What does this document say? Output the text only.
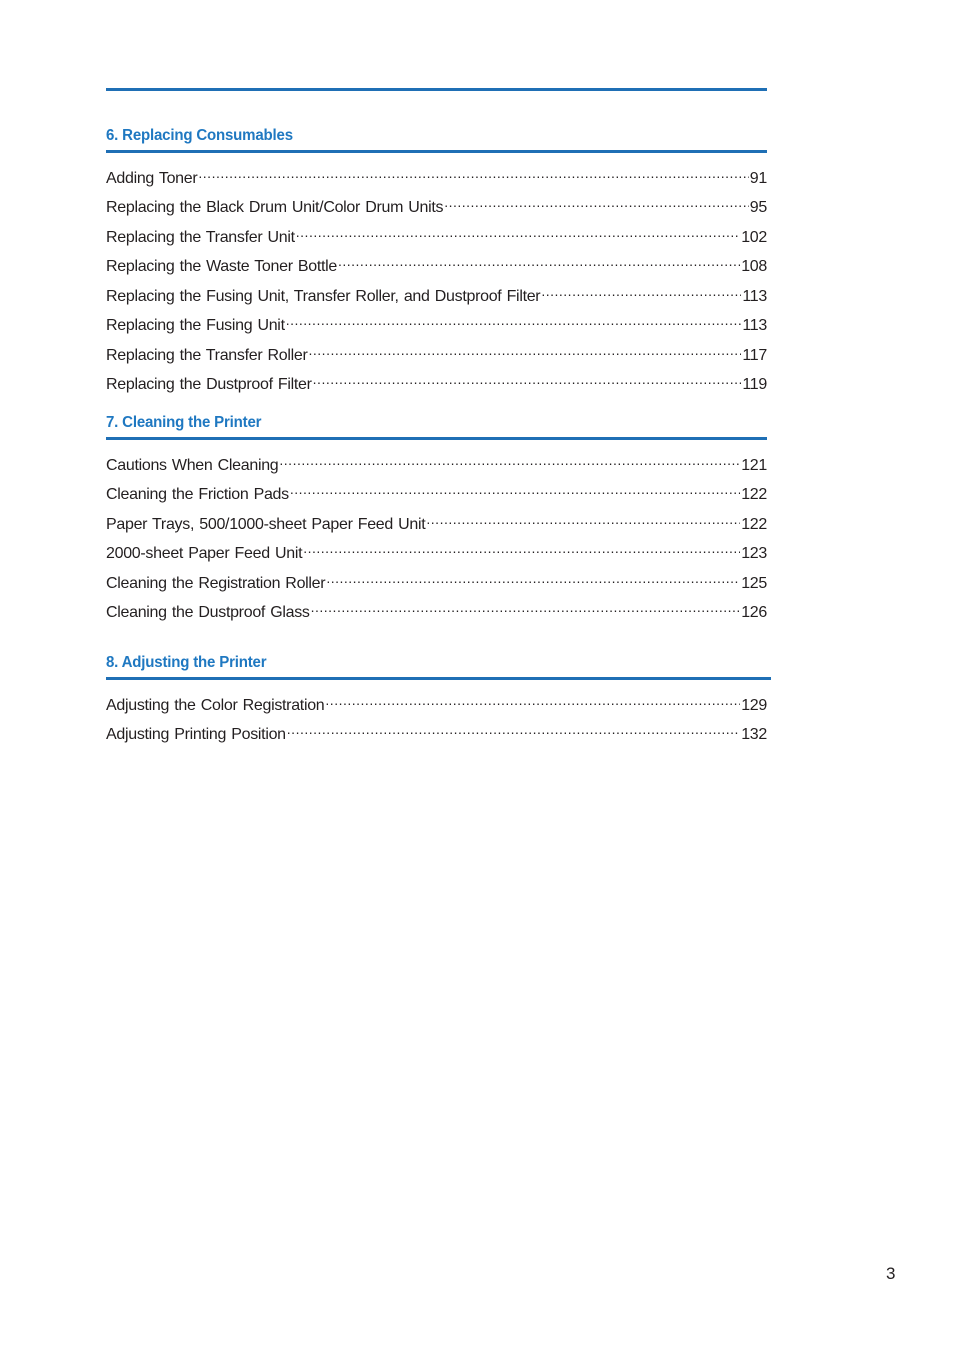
6. Replacing Consumables
Adding Toner .....	91
Replacing the Black Drum Unit/Color Drum Units .....	95
Replacing the Transfer Unit .....	102
Replacing the Waste Toner Bottle .....	108
Replacing the Fusing Unit, Transfer Roller, and Dustproof Filter .....	113
Replacing the Fusing Unit .....	113
Replacing the Transfer Roller .....	117
Replacing the Dustproof Filter .....	119
7. Cleaning the Printer
Cautions When Cleaning .....	121
Cleaning the Friction Pads .....	122
Paper Trays, 500/1000-sheet Paper Feed Unit .....	122
2000-sheet Paper Feed Unit .....	123
Cleaning the Registration Roller .....	125
Cleaning the Dustproof Glass .....	126
8. Adjusting the Printer
Adjusting the Color Registration .....	129
Adjusting Printing Position .....	132
3
